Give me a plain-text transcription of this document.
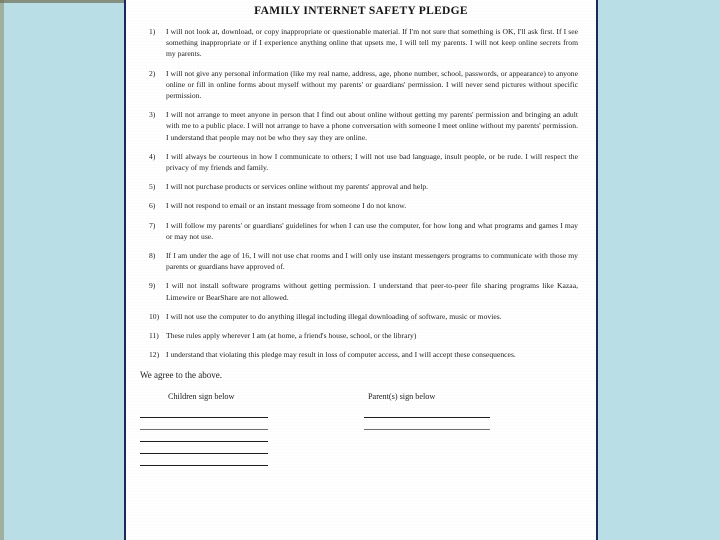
FAMILY INTERNET SAFETY PLEDGE
1)	I will not look at, download, or copy inappropriate or questionable material. If I'm not sure that something is OK, I'll ask first. If I see something inappropriate or if I experience anything online that upsets me, I will tell my parents. I will not keep online secrets from my parents.
2)	I will not give any personal information (like my real name, address, age, phone number, school, passwords, or appearance) to anyone online or fill in online forms about myself without my parents' or guardians' permission. I will never send pictures without specific permission.
3)	I will not arrange to meet anyone in person that I find out about online without getting my parents' permission and bringing an adult with me to a public place. I will not arrange to have a phone conversation with someone I meet online without my parents' permission. I understand that people may not be who they say they are online.
4)	I will always be courteous in how I communicate to others; I will not use bad language, insult people, or be rude. I will respect the privacy of my friends and family.
5)	I will not purchase products or services online without my parents' approval and help.
6)	I will not respond to email or an instant message from someone I do not know.
7)	I will follow my parents' or guardians' guidelines for when I can use the computer, for how long and what programs and games I may or may not use.
8)	If I am under the age of 16, I will not use chat rooms and I will only use instant messengers programs to communicate with those my parents or guardians have approved of.
9)	I will not install software programs without getting permission. I understand that peer-to-peer file sharing programs like Kazaa, Limewire or BearShare are not allowed.
10) I will not use the computer to do anything illegal including illegal downloading of software, music or movies.
11) These rules apply wherever I am (at home, a friend's house, school, or the library)
12) I understand that violating this pledge may result in loss of computer access, and I will accept these consequences.
We agree to the above.
Children sign below	Parent(s) sign below
